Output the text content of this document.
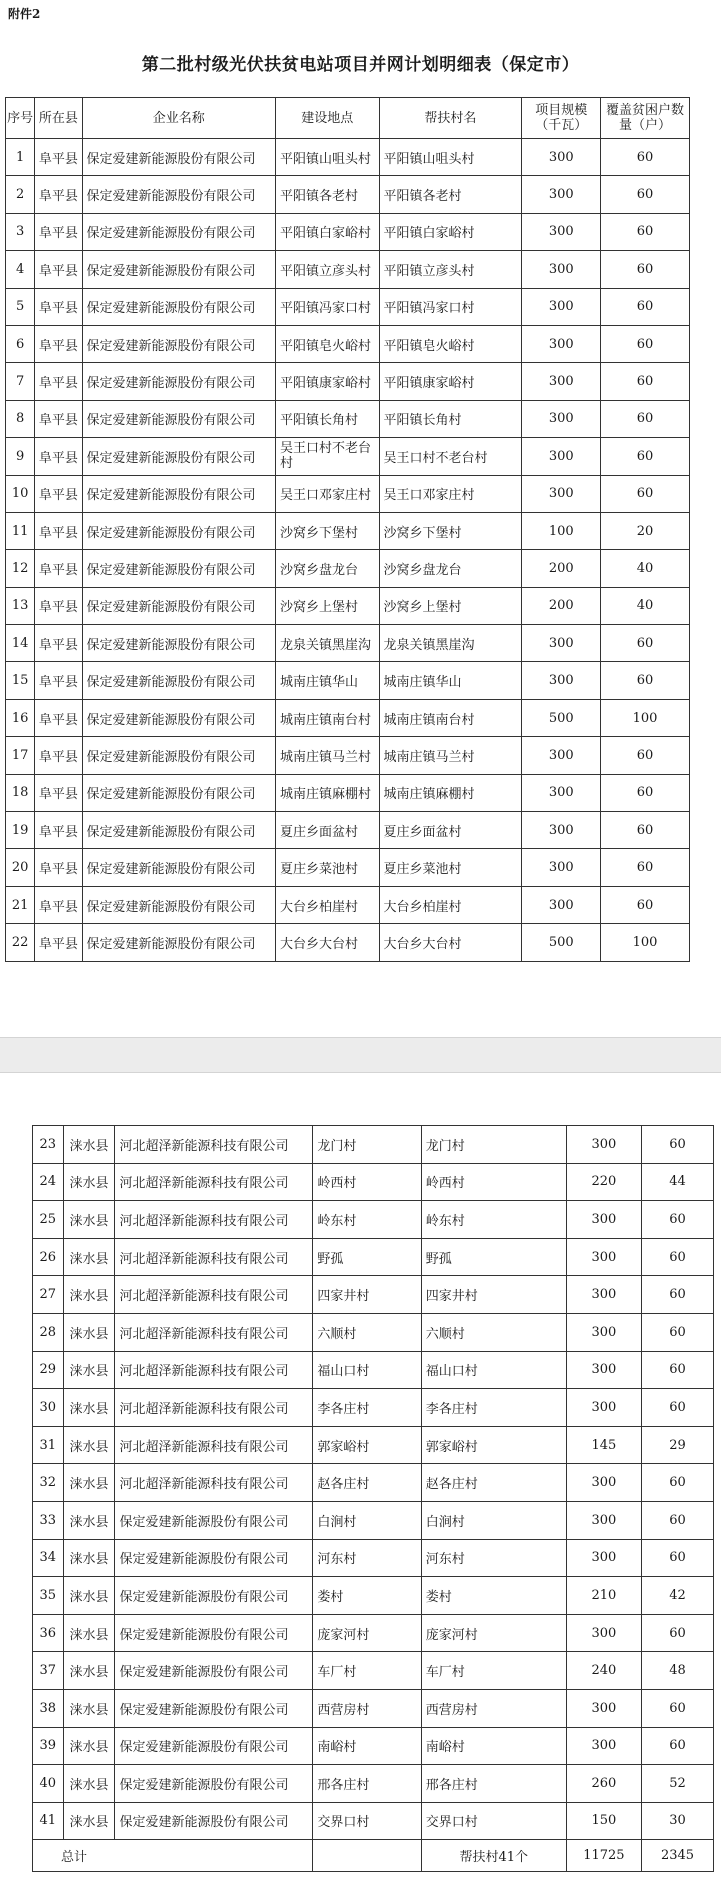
附件2
第二批村级光伏扶贫电站项目并网计划明细表（保定市）
序号	所在县	企业名称	建设地点	帮扶村名	项目规模（千瓦）	覆盖贫困户数量（户）
1	阜平县	保定爱建新能源股份有限公司	平阳镇山咀头村	平阳镇山咀头村	300	60
2	阜平县	保定爱建新能源股份有限公司	平阳镇各老村	平阳镇各老村	300	60
3	阜平县	保定爱建新能源股份有限公司	平阳镇白家峪村	平阳镇白家峪村	300	60
4	阜平县	保定爱建新能源股份有限公司	平阳镇立彦头村	平阳镇立彦头村	300	60
5	阜平县	保定爱建新能源股份有限公司	平阳镇冯家口村	平阳镇冯家口村	300	60
6	阜平县	保定爱建新能源股份有限公司	平阳镇皂火峪村	平阳镇皂火峪村	300	60
7	阜平县	保定爱建新能源股份有限公司	平阳镇康家峪村	平阳镇康家峪村	300	60
8	阜平县	保定爱建新能源股份有限公司	平阳镇长角村	平阳镇长角村	300	60
9	阜平县	保定爱建新能源股份有限公司	吴王口村不老台村	吴王口村不老台村	300	60
10	阜平县	保定爱建新能源股份有限公司	吴王口邓家庄村	吴王口邓家庄村	300	60
11	阜平县	保定爱建新能源股份有限公司	沙窝乡下堡村	沙窝乡下堡村	100	20
12	阜平县	保定爱建新能源股份有限公司	沙窝乡盘龙台	沙窝乡盘龙台	200	40
13	阜平县	保定爱建新能源股份有限公司	沙窝乡上堡村	沙窝乡上堡村	200	40
14	阜平县	保定爱建新能源股份有限公司	龙泉关镇黑崖沟	龙泉关镇黑崖沟	300	60
15	阜平县	保定爱建新能源股份有限公司	城南庄镇华山	城南庄镇华山	300	60
16	阜平县	保定爱建新能源股份有限公司	城南庄镇南台村	城南庄镇南台村	500	100
17	阜平县	保定爱建新能源股份有限公司	城南庄镇马兰村	城南庄镇马兰村	300	60
18	阜平县	保定爱建新能源股份有限公司	城南庄镇麻棚村	城南庄镇麻棚村	300	60
19	阜平县	保定爱建新能源股份有限公司	夏庄乡面盆村	夏庄乡面盆村	300	60
20	阜平县	保定爱建新能源股份有限公司	夏庄乡菜池村	夏庄乡菜池村	300	60
21	阜平县	保定爱建新能源股份有限公司	大台乡柏崖村	大台乡柏崖村	300	60
22	阜平县	保定爱建新能源股份有限公司	大台乡大台村	大台乡大台村	500	100
23	涞水县	河北超泽新能源科技有限公司	龙门村	龙门村	300	60
24	涞水县	河北超泽新能源科技有限公司	岭西村	岭西村	220	44
25	涞水县	河北超泽新能源科技有限公司	岭东村	岭东村	300	60
26	涞水县	河北超泽新能源科技有限公司	野孤	野孤	300	60
27	涞水县	河北超泽新能源科技有限公司	四家井村	四家井村	300	60
28	涞水县	河北超泽新能源科技有限公司	六顺村	六顺村	300	60
29	涞水县	河北超泽新能源科技有限公司	福山口村	福山口村	300	60
30	涞水县	河北超泽新能源科技有限公司	李各庄村	李各庄村	300	60
31	涞水县	河北超泽新能源科技有限公司	郭家峪村	郭家峪村	145	29
32	涞水县	河北超泽新能源科技有限公司	赵各庄村	赵各庄村	300	60
33	涞水县	保定爱建新能源股份有限公司	白涧村	白涧村	300	60
34	涞水县	保定爱建新能源股份有限公司	河东村	河东村	300	60
35	涞水县	保定爱建新能源股份有限公司	娄村	娄村	210	42
36	涞水县	保定爱建新能源股份有限公司	庞家河村	庞家河村	300	60
37	涞水县	保定爱建新能源股份有限公司	车厂村	车厂村	240	48
38	涞水县	保定爱建新能源股份有限公司	西营房村	西营房村	300	60
39	涞水县	保定爱建新能源股份有限公司	南峪村	南峪村	300	60
40	涞水县	保定爱建新能源股份有限公司	邢各庄村	邢各庄村	260	52
41	涞水县	保定爱建新能源股份有限公司	交界口村	交界口村	150	30
总计				帮扶村41个	11725	2345
